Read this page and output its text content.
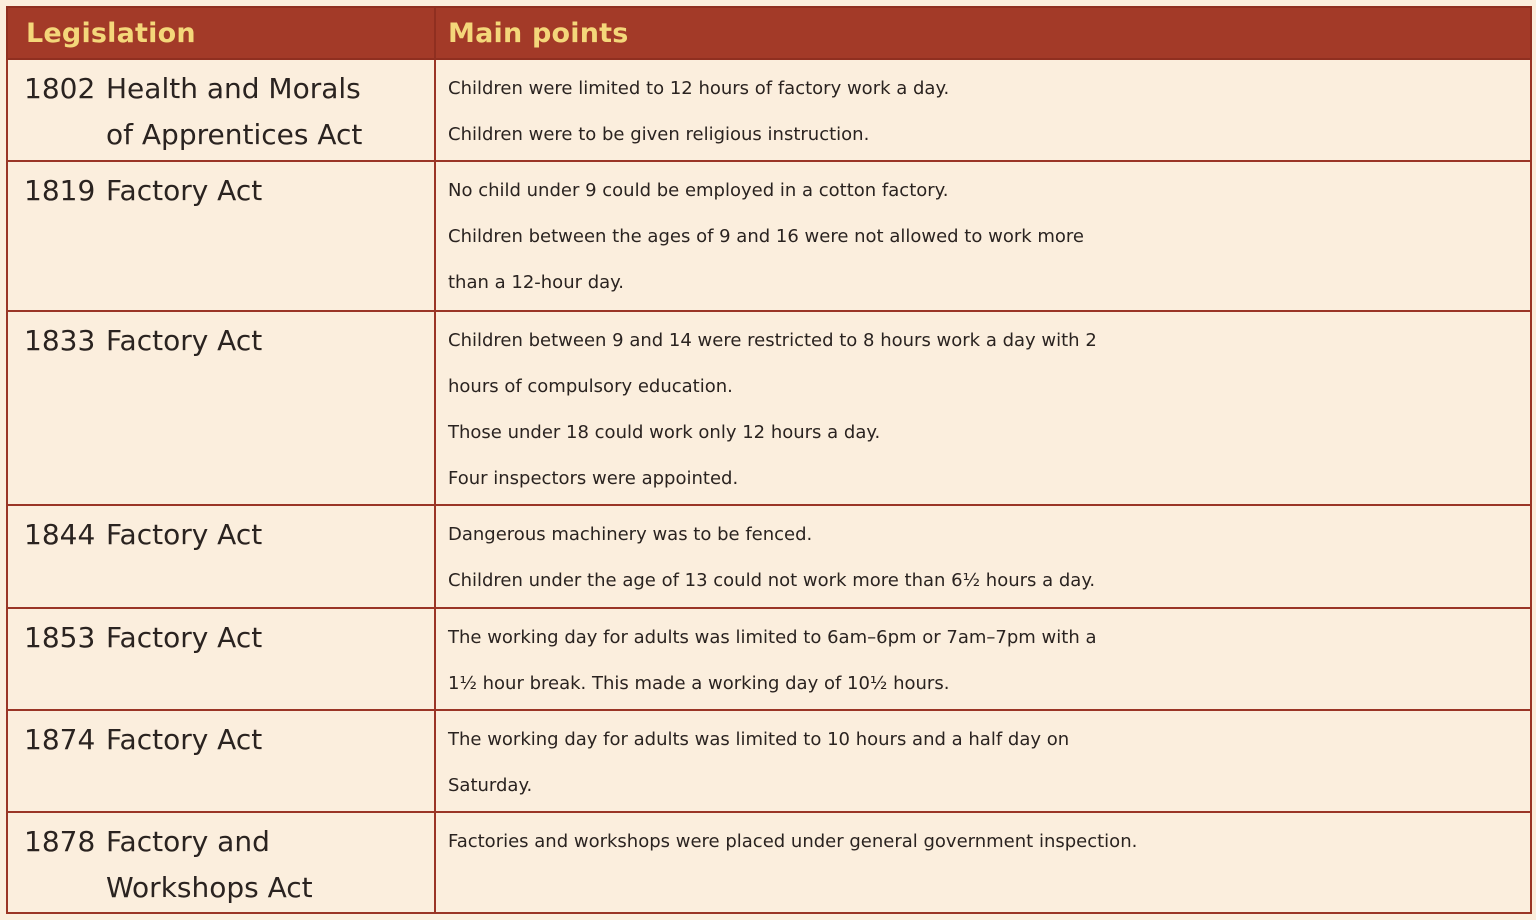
Legislation	Main points

1802 Health and Morals
of Apprentices Act	Children were limited to 12 hours of factory work a day.
Children were to be given religious instruction.

1819 Factory Act	No child under 9 could be employed in a cotton factory.
Children between the ages of 9 and 16 were not allowed to work more
than a 12-hour day.

1833 Factory Act	Children between 9 and 14 were restricted to 8 hours work a day with 2
hours of compulsory education.
Those under 18 could work only 12 hours a day.
Four inspectors were appointed.

1844 Factory Act	Dangerous machinery was to be fenced.
Children under the age of 13 could not work more than 6½ hours a day.

1853 Factory Act	The working day for adults was limited to 6am–6pm or 7am–7pm with a
1½ hour break. This made a working day of 10½ hours.

1874 Factory Act	The working day for adults was limited to 10 hours and a half day on
Saturday.

1878 Factory and
Workshops Act	Factories and workshops were placed under general government inspection.
